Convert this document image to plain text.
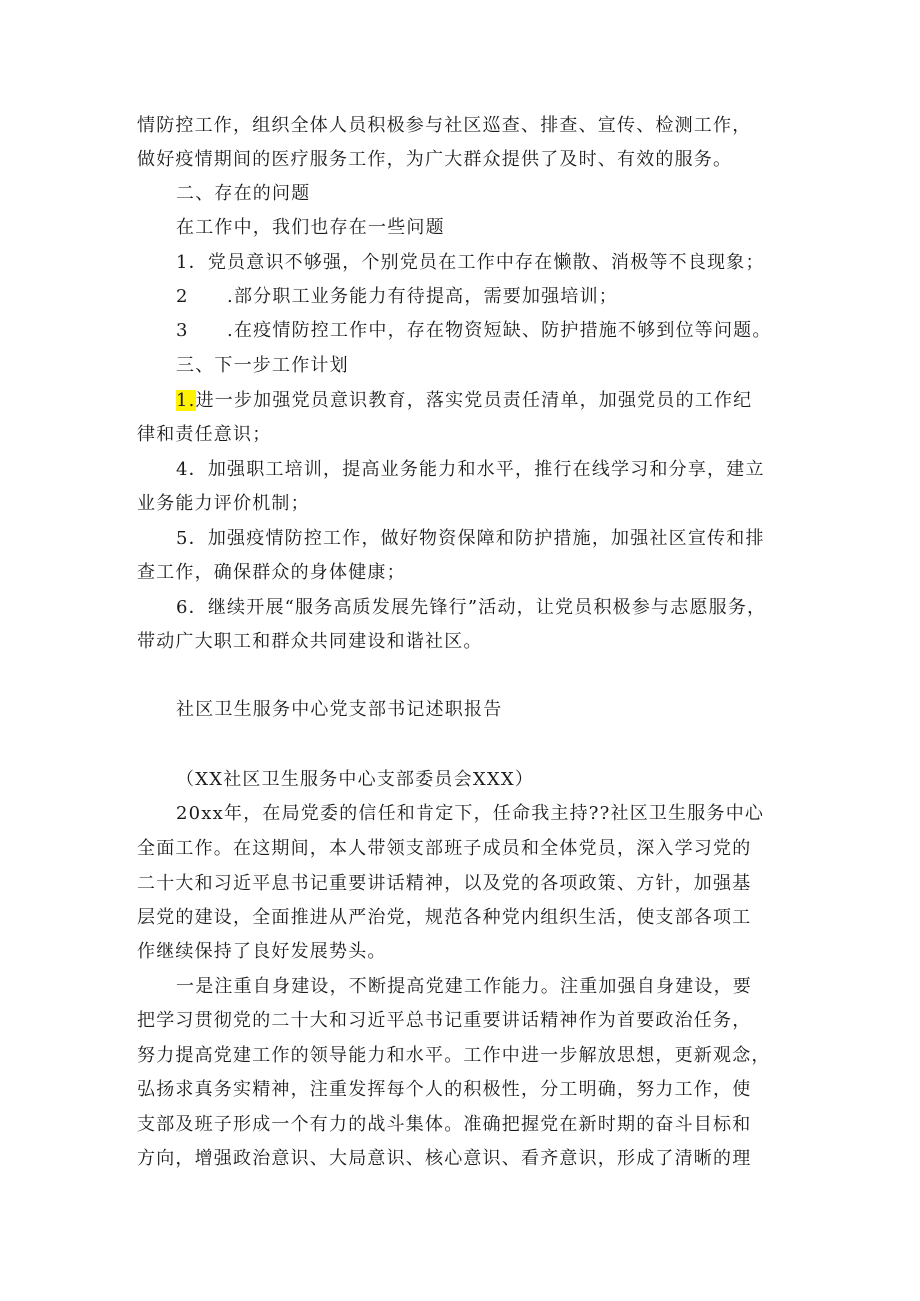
情防控工作，组织全体人员积极参与社区巡查、排查、宣传、检测工作，
做好疫情期间的医疗服务工作，为广大群众提供了及时、有效的服务。
二、存在的问题
在工作中，我们也存在一些问题
1．党员意识不够强，个别党员在工作中存在懒散、消极等不良现象；
2　　.部分职工业务能力有待提高，需要加强培训；
3　　.在疫情防控工作中，存在物资短缺、防护措施不够到位等问题。
三、下一步工作计划
1.进一步加强党员意识教育，落实党员责任清单，加强党员的工作纪
律和责任意识；
4．加强职工培训，提高业务能力和水平，推行在线学习和分享，建立
业务能力评价机制；
5．加强疫情防控工作，做好物资保障和防护措施，加强社区宣传和排
查工作，确保群众的身体健康；
6．继续开展“服务高质发展先锋行”活动，让党员积极参与志愿服务，
带动广大职工和群众共同建设和谐社区。
社区卫生服务中心党支部书记述职报告
（XX社区卫生服务中心支部委员会XXX）
20xx年，在局党委的信任和肯定下，任命我主持??社区卫生服务中心
全面工作。在这期间，本人带领支部班子成员和全体党员，深入学习党的
二十大和习近平息书记重要讲话精神，以及党的各项政策、方针，加强基
层党的建设，全面推进从严治党，规范各种党内组织生活，使支部各项工
作继续保持了良好发展势头。
一是注重自身建设，不断提高党建工作能力。注重加强自身建设，要
把学习贯彻党的二十大和习近平总书记重要讲话精神作为首要政治任务，
努力提高党建工作的领导能力和水平。工作中进一步解放思想，更新观念，
弘扬求真务实精神，注重发挥每个人的积极性，分工明确，努力工作，使
支部及班子形成一个有力的战斗集体。准确把握党在新时期的奋斗目标和
方向，增强政治意识、大局意识、核心意识、看齐意识，形成了清晰的理
